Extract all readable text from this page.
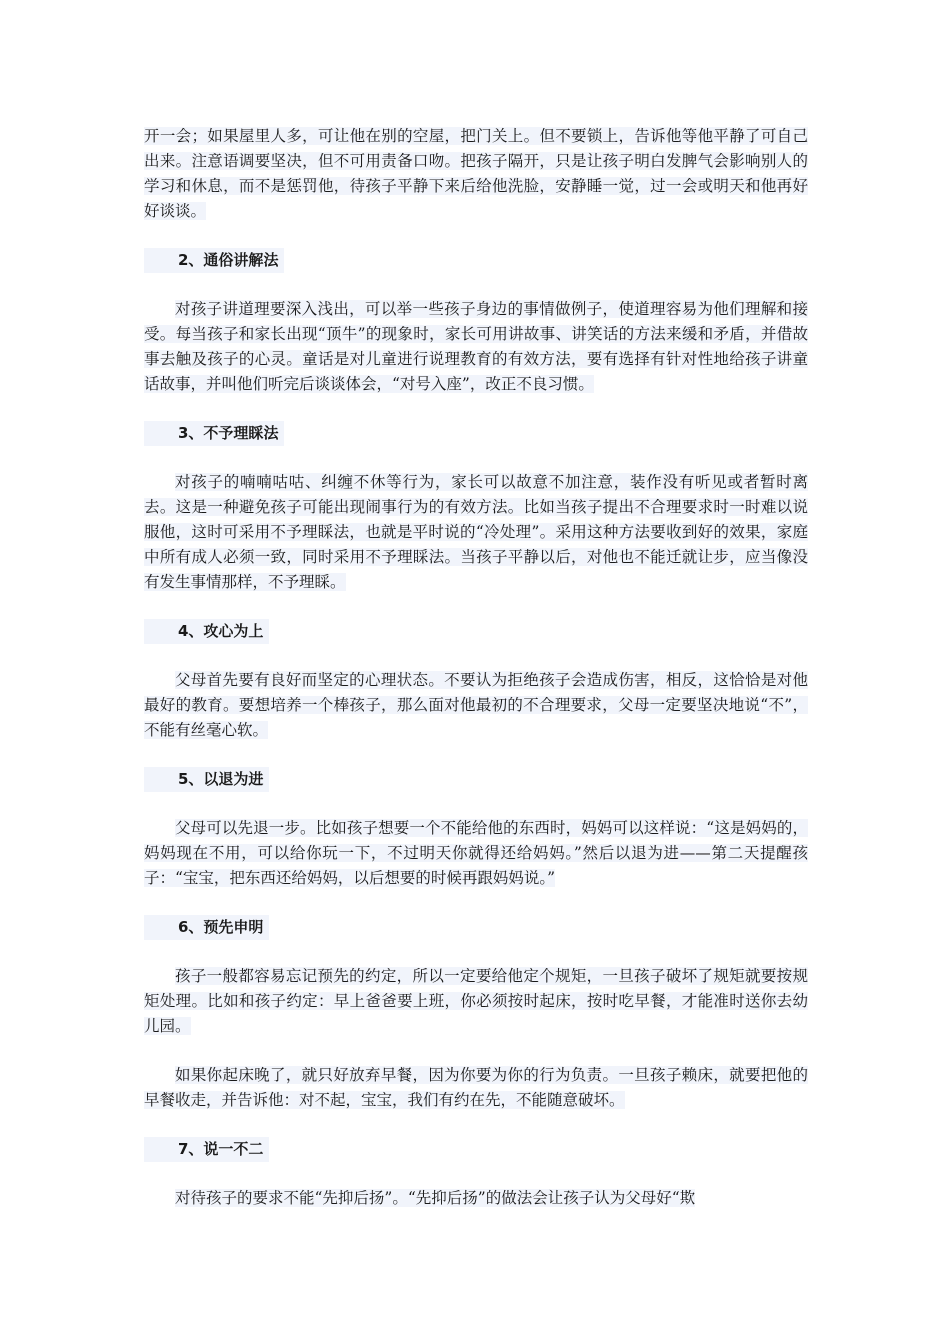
开一会；如果屋里人多，可让他在别的空屋，把门关上。但不要锁上，告诉他等他平静了可自己出来。注意语调要坚决，但不可用责备口吻。把孩子隔开，只是让孩子明白发脾气会影响别人的学习和休息，而不是惩罚他，待孩子平静下来后给他洗脸，安静睡一觉，过一会或明天和他再好好谈谈。

2、通俗讲解法

对孩子讲道理要深入浅出，可以举一些孩子身边的事情做例子，使道理容易为他们理解和接受。每当孩子和家长出现“顶牛”的现象时，家长可用讲故事、讲笑话的方法来缓和矛盾，并借故事去触及孩子的心灵。童话是对儿童进行说理教育的有效方法，要有选择有针对性地给孩子讲童话故事，并叫他们听完后谈谈体会，“对号入座”，改正不良习惯。

3、不予理睬法

对孩子的喃喃咕咕、纠缠不休等行为，家长可以故意不加注意，装作没有听见或者暂时离去。这是一种避免孩子可能出现闹事行为的有效方法。比如当孩子提出不合理要求时一时难以说服他，这时可采用不予理睬法，也就是平时说的“冷处理”。采用这种方法要收到好的效果，家庭中所有成人必须一致，同时采用不予理睬法。当孩子平静以后，对他也不能迁就让步，应当像没有发生事情那样，不予理睬。

4、攻心为上

父母首先要有良好而坚定的心理状态。不要认为拒绝孩子会造成伤害，相反，这恰恰是对他最好的教育。要想培养一个棒孩子，那么面对他最初的不合理要求，父母一定要坚决地说“不”，不能有丝毫心软。

5、以退为进

父母可以先退一步。比如孩子想要一个不能给他的东西时，妈妈可以这样说：“这是妈妈的，妈妈现在不用，可以给你玩一下，不过明天你就得还给妈妈。”然后以退为进——第二天提醒孩子：“宝宝，把东西还给妈妈，以后想要的时候再跟妈妈说。”

6、预先申明

孩子一般都容易忘记预先的约定，所以一定要给他定个规矩，一旦孩子破坏了规矩就要按规矩处理。比如和孩子约定：早上爸爸要上班，你必须按时起床，按时吃早餐，才能准时送你去幼儿园。

如果你起床晚了，就只好放弃早餐，因为你要为你的行为负责。一旦孩子赖床，就要把他的早餐收走，并告诉他：对不起，宝宝，我们有约在先，不能随意破坏。

7、说一不二

对待孩子的要求不能“先抑后扬”。“先抑后扬”的做法会让孩子认为父母好“欺
